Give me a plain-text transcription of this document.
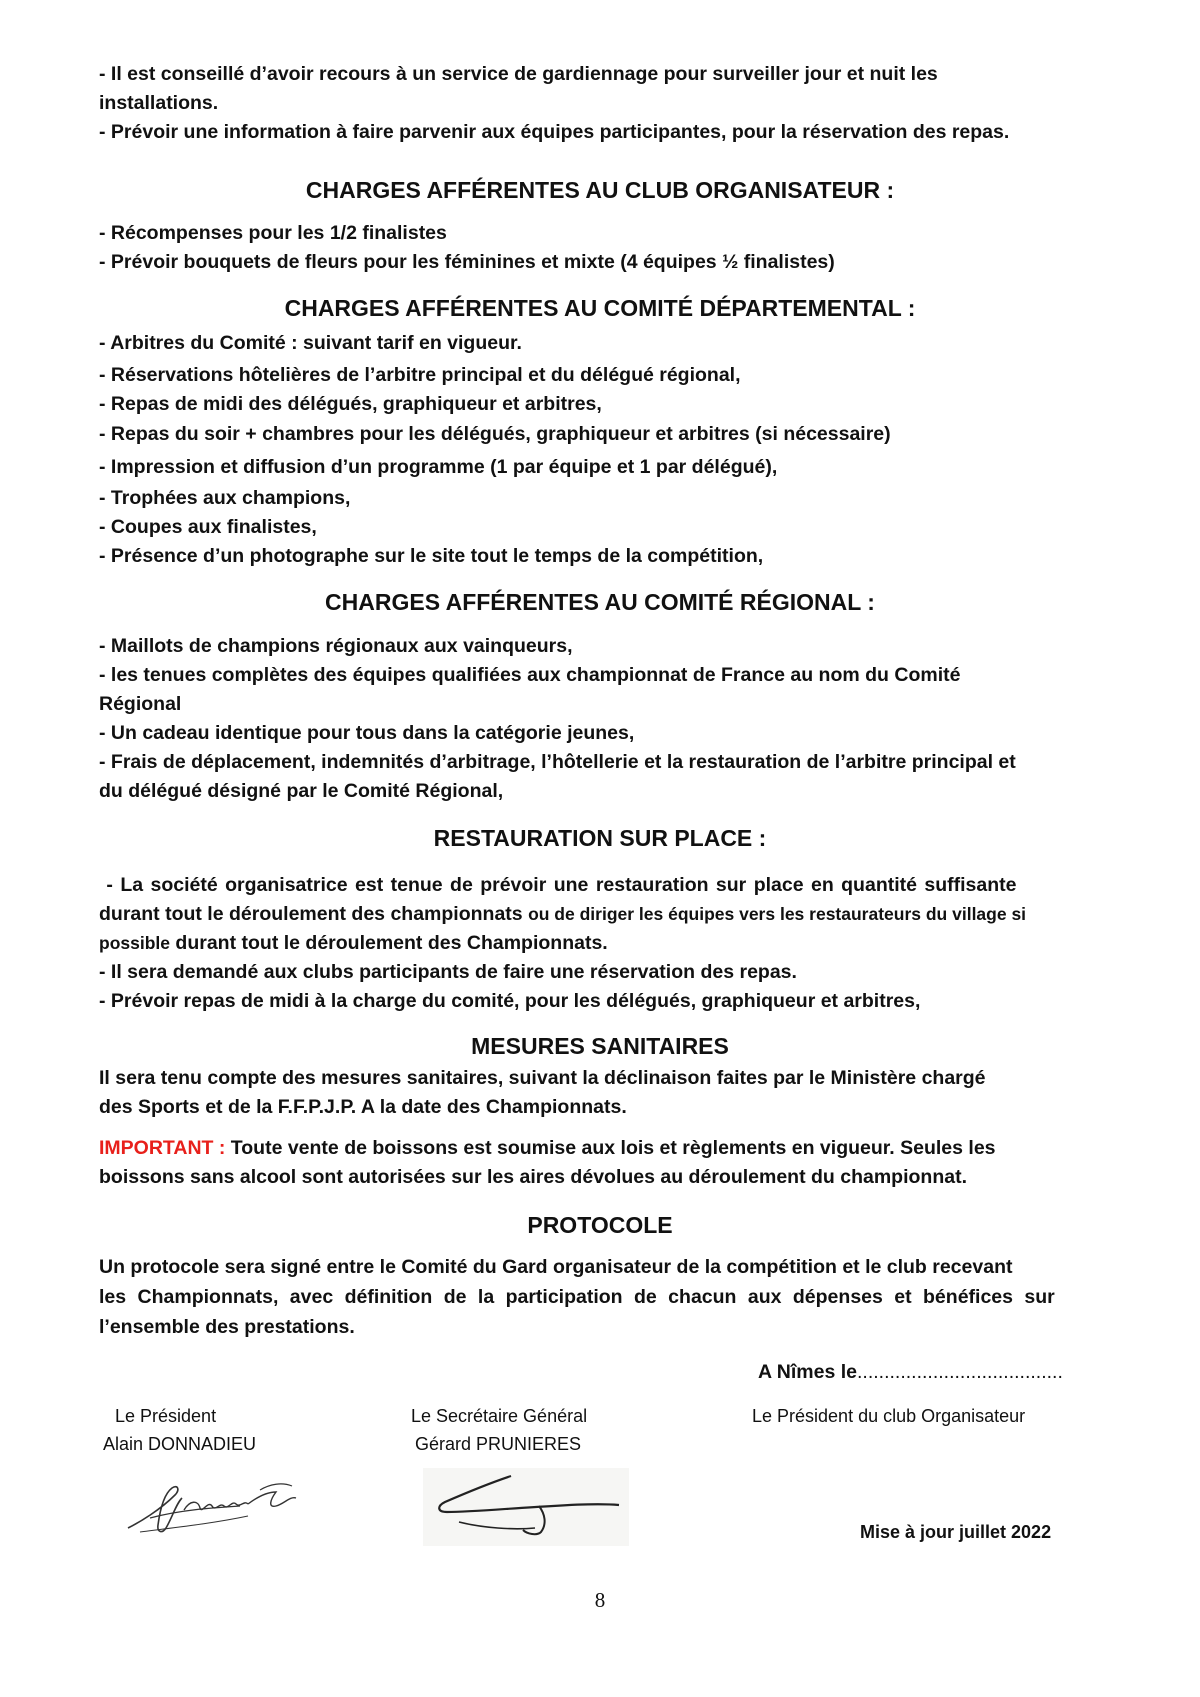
- Il est conseillé d’avoir recours à un service de gardiennage pour surveiller jour et nuit les
installations.
- Prévoir une information à faire parvenir aux équipes participantes, pour la réservation des repas.
CHARGES AFFÉRENTES AU CLUB ORGANISATEUR :
- Récompenses pour les 1/2 finalistes
- Prévoir bouquets de fleurs pour les féminines et mixte (4 équipes ½ finalistes)
CHARGES AFFÉRENTES AU COMITÉ DÉPARTEMENTAL :
- Arbitres du Comité : suivant tarif en vigueur.
- Réservations hôtelières de l’arbitre principal et du délégué régional,
- Repas de midi des délégués, graphiqueur et arbitres,
- Repas du soir + chambres pour les délégués, graphiqueur et arbitres (si nécessaire)
- Impression et diffusion d’un programme (1 par équipe et 1 par délégué),
- Trophées aux champions,
- Coupes aux finalistes,
- Présence d’un photographe sur le site tout le temps de la compétition,
CHARGES AFFÉRENTES AU COMITÉ RÉGIONAL :
- Maillots de champions régionaux aux vainqueurs,
- les tenues complètes des équipes qualifiées aux championnat de France au nom du Comité
Régional
- Un cadeau identique pour tous dans la catégorie jeunes,
- Frais de déplacement, indemnités d’arbitrage, l’hôtellerie et la restauration de l’arbitre principal et
du délégué désigné par le Comité Régional,
RESTAURATION SUR PLACE :
- La société organisatrice est tenue de prévoir une restauration sur place en quantité suffisante
durant tout le déroulement des championnats ou de diriger les équipes vers les restaurateurs du village si
possible durant tout le déroulement des Championnats.
- Il sera demandé aux clubs participants de faire une réservation des repas.
- Prévoir repas de midi à la charge du comité, pour les délégués, graphiqueur et arbitres,
MESURES SANITAIRES
Il sera tenu compte des mesures sanitaires, suivant la déclinaison faites par le Ministère chargé
des Sports et de la F.F.P.J.P. A la date des Championnats.
IMPORTANT : Toute vente de boissons est soumise aux lois et règlements en vigueur. Seules les
boissons sans alcool sont autorisées sur les aires dévolues au déroulement du championnat.
PROTOCOLE
Un protocole sera signé entre le Comité du Gard organisateur de la compétition et le club recevant
les Championnats, avec définition de la participation de chacun aux dépenses et bénéfices sur
l’ensemble des prestations.
A Nîmes le......................................
Le Président
Alain DONNADIEU
Le Secrétaire Général
Gérard PRUNIERES
Le Président du club Organisateur
Mise à jour juillet 2022
8
